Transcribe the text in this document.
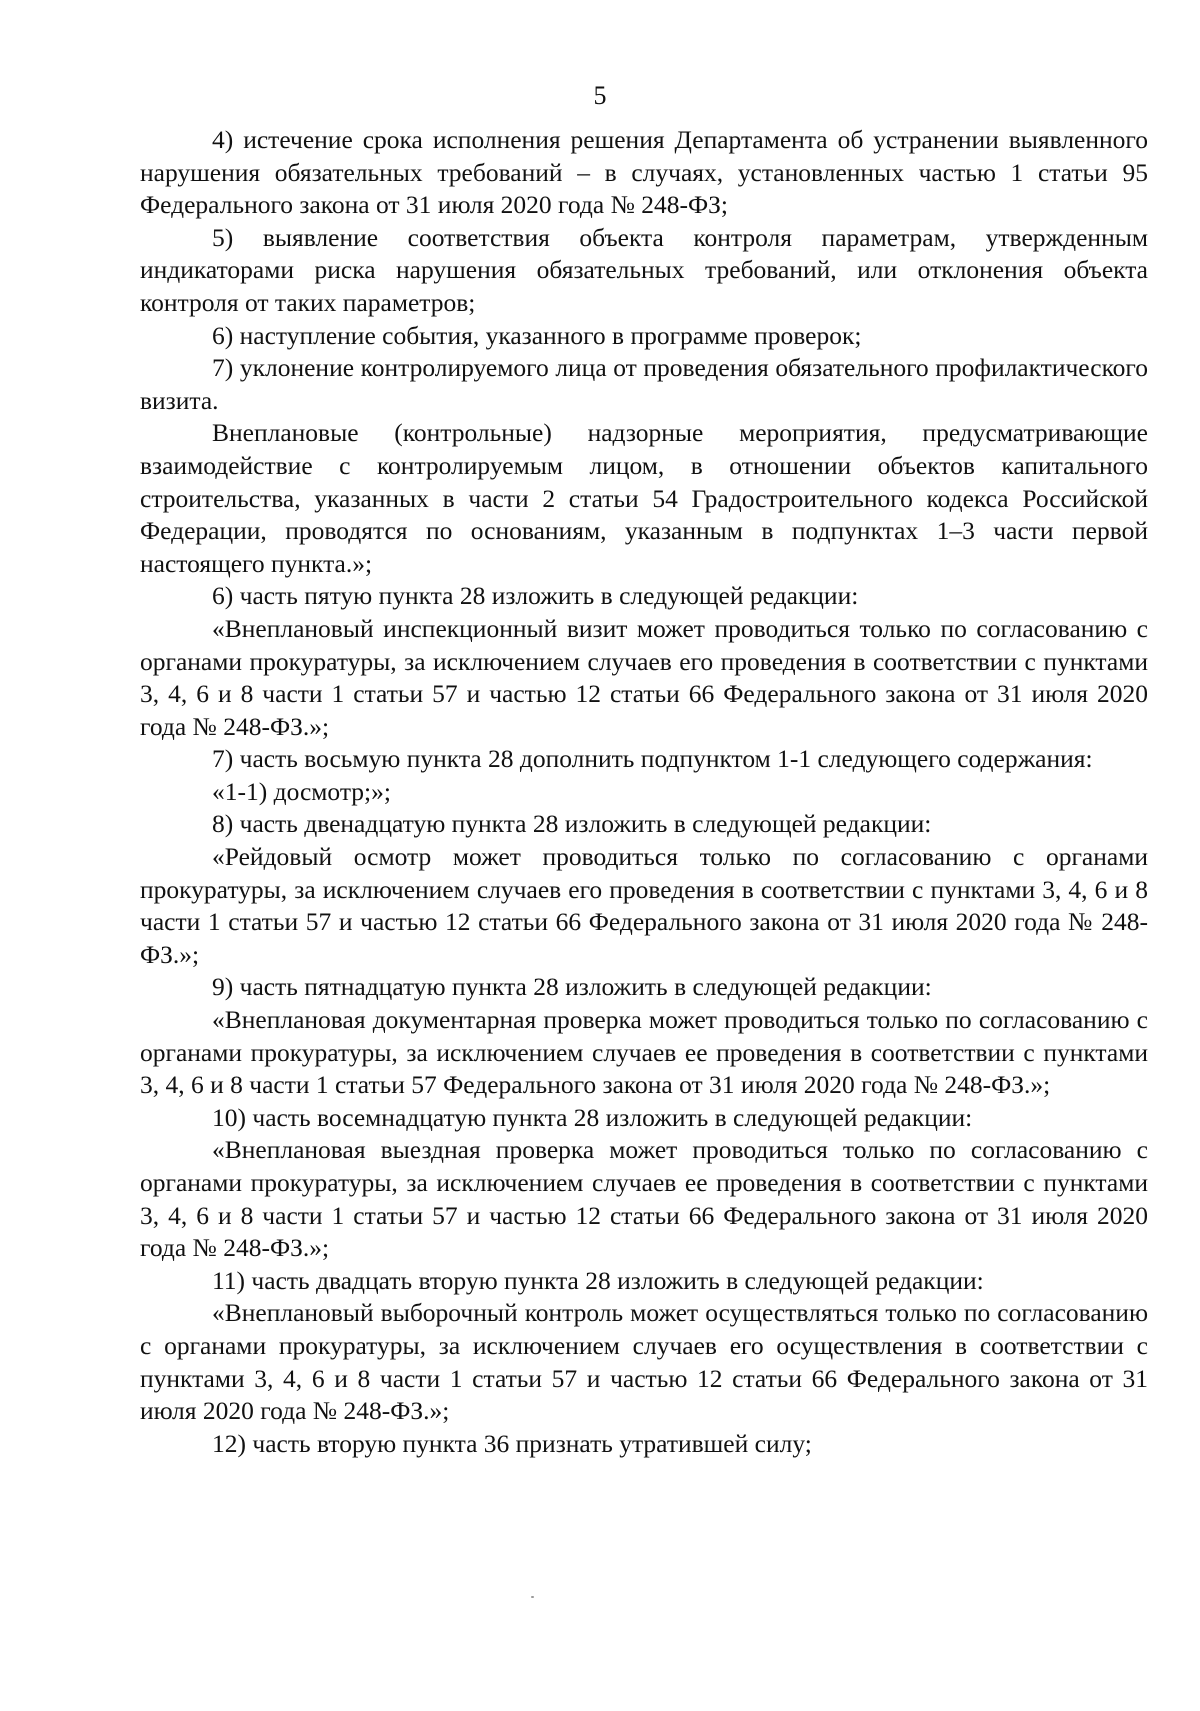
5

4) истечение срока исполнения решения Департамента об устранении выявленного нарушения обязательных требований – в случаях, установленных частью 1 статьи 95 Федерального закона от 31 июля 2020 года № 248-ФЗ;

5) выявление соответствия объекта контроля параметрам, утвержденным индикаторами риска нарушения обязательных требований, или отклонения объекта контроля от таких параметров;

6) наступление события, указанного в программе проверок;

7) уклонение контролируемого лица от проведения обязательного профилактического визита.

Внеплановые (контрольные) надзорные мероприятия, предусматривающие взаимодействие с контролируемым лицом, в отношении объектов капитального строительства, указанных в части 2 статьи 54 Градостроительного кодекса Российской Федерации, проводятся по основаниям, указанным в подпунктах 1–3 части первой настоящего пункта.»;

6) часть пятую пункта 28 изложить в следующей редакции:

«Внеплановый инспекционный визит может проводиться только по согласованию с органами прокуратуры, за исключением случаев его проведения в соответствии с пунктами 3, 4, 6 и 8 части 1 статьи 57 и частью 12 статьи 66 Федерального закона от 31 июля 2020 года № 248-ФЗ.»;

7) часть восьмую пункта 28 дополнить подпунктом 1-1 следующего содержания:

«1-1) досмотр;»;

8) часть двенадцатую пункта 28 изложить в следующей редакции:

«Рейдовый осмотр может проводиться только по согласованию с органами прокуратуры, за исключением случаев его проведения в соответствии с пунктами 3, 4, 6 и 8 части 1 статьи 57 и частью 12 статьи 66 Федерального закона от 31 июля 2020 года № 248-ФЗ.»;

9) часть пятнадцатую пункта 28 изложить в следующей редакции:

«Внеплановая документарная проверка может проводиться только по согласованию с органами прокуратуры, за исключением случаев ее проведения в соответствии с пунктами 3, 4, 6 и 8 части 1 статьи 57 Федерального закона от 31 июля 2020 года № 248-ФЗ.»;

10) часть восемнадцатую пункта 28 изложить в следующей редакции:

«Внеплановая выездная проверка может проводиться только по согласованию с органами прокуратуры, за исключением случаев ее проведения в соответствии с пунктами 3, 4, 6 и 8 части 1 статьи 57 и частью 12 статьи 66 Федерального закона от 31 июля 2020 года № 248-ФЗ.»;

11) часть двадцать вторую пункта 28 изложить в следующей редакции:

«Внеплановый выборочный контроль может осуществляться только по согласованию с органами прокуратуры, за исключением случаев его осуществления в соответствии с пунктами 3, 4, 6 и 8 части 1 статьи 57 и частью 12 статьи 66 Федерального закона от 31 июля 2020 года № 248-ФЗ.»;

12) часть вторую пункта 36 признать утратившей силу;
